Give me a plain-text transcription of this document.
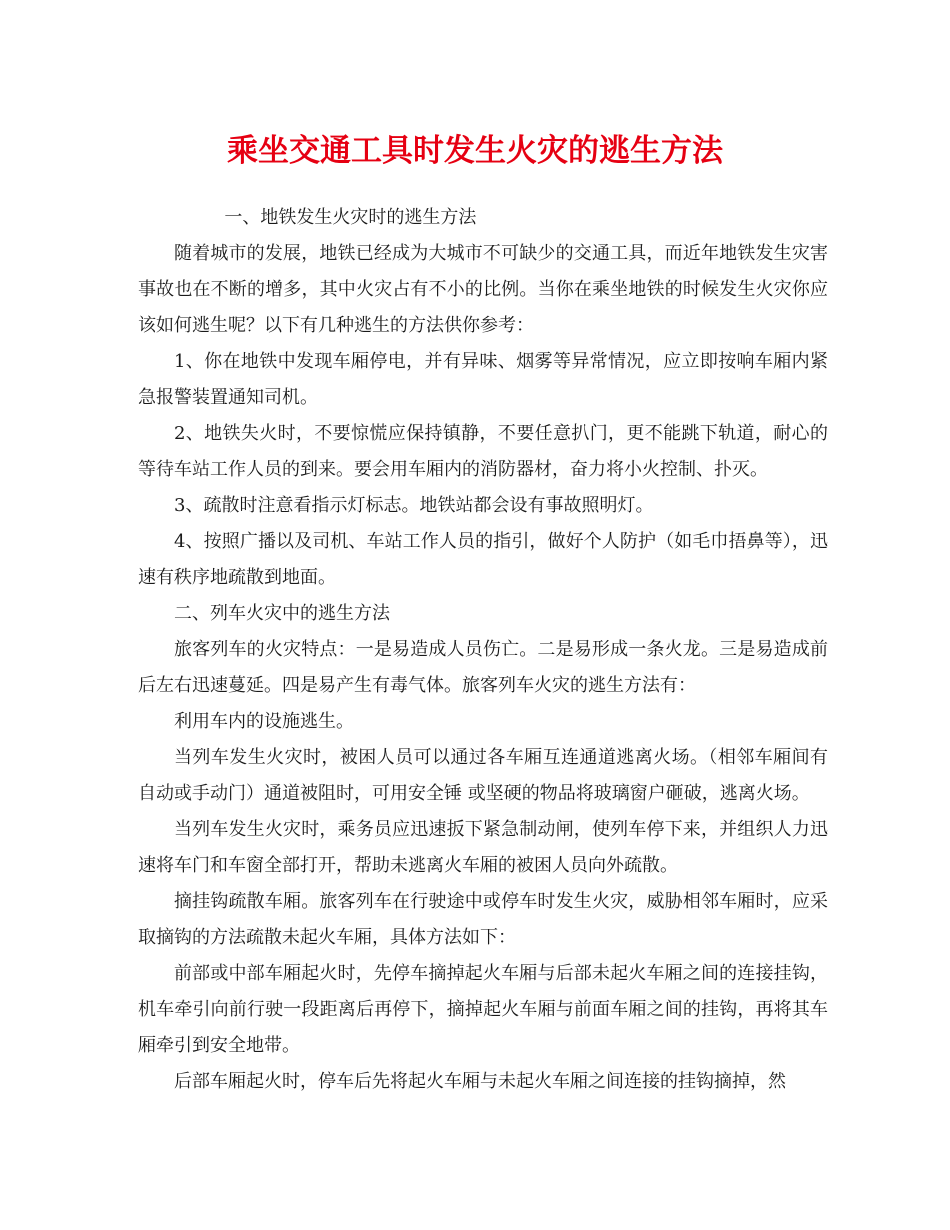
乘坐交通工具时发生火灾的逃生方法

一、地铁发生火灾时的逃生方法

随着城市的发展，地铁已经成为大城市不可缺少的交通工具，而近年地铁发生灾害事故也在不断的增多，其中火灾占有不小的比例。当你在乘坐地铁的时候发生火灾你应该如何逃生呢？以下有几种逃生的方法供你参考：

1、你在地铁中发现车厢停电，并有异味、烟雾等异常情况，应立即按响车厢内紧急报警装置通知司机。

2、地铁失火时，不要惊慌应保持镇静，不要任意扒门，更不能跳下轨道，耐心的等待车站工作人员的到来。要会用车厢内的消防器材，奋力将小火控制、扑灭。

3、疏散时注意看指示灯标志。地铁站都会设有事故照明灯。

4、按照广播以及司机、车站工作人员的指引，做好个人防护（如毛巾捂鼻等），迅速有秩序地疏散到地面。

二、列车火灾中的逃生方法

旅客列车的火灾特点：一是易造成人员伤亡。二是易形成一条火龙。三是易造成前后左右迅速蔓延。四是易产生有毒气体。旅客列车火灾的逃生方法有：

利用车内的设施逃生。

当列车发生火灾时，被困人员可以通过各车厢互连通道逃离火场。（相邻车厢间有自动或手动门）通道被阻时，可用安全锤 或坚硬的物品将玻璃窗户砸破，逃离火场。

当列车发生火灾时，乘务员应迅速扳下紧急制动闸，使列车停下来，并组织人力迅速将车门和车窗全部打开，帮助未逃离火车厢的被困人员向外疏散。

摘挂钩疏散车厢。旅客列车在行驶途中或停车时发生火灾，威胁相邻车厢时，应采取摘钩的方法疏散未起火车厢，具体方法如下：

前部或中部车厢起火时，先停车摘掉起火车厢与后部未起火车厢之间的连接挂钩，机车牵引向前行驶一段距离后再停下，摘掉起火车厢与前面车厢之间的挂钩，再将其车厢牵引到安全地带。

后部车厢起火时，停车后先将起火车厢与未起火车厢之间连接的挂钩摘掉，然
